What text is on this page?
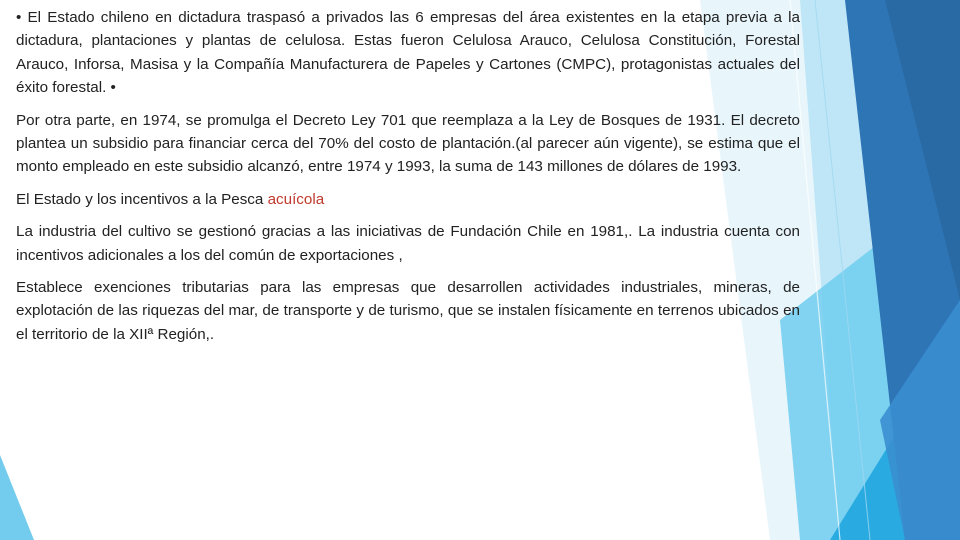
• El Estado chileno en dictadura traspasó a privados las 6 empresas del área existentes en la etapa previa a la dictadura, plantaciones y plantas de celulosa. Estas fueron Celulosa Arauco, Celulosa Constitución, Forestal Arauco, Inforsa, Masisa y la Compañía Manufacturera de Papeles y Cartones (CMPC), protagonistas actuales del éxito forestal. •

Por otra parte, en 1974, se promulga el Decreto Ley 701 que reemplaza a la Ley de Bosques de 1931. El decreto plantea un subsidio para financiar cerca del 70% del costo de plantación.(al parecer aún vigente), se estima que el monto empleado en este subsidio alcanzó, entre 1974 y 1993, la suma de 143 millones de dólares de 1993.

El Estado y los incentivos a la Pesca acuícola

La industria del cultivo se gestionó gracias a las iniciativas de Fundación Chile en 1981,. La industria cuenta con incentivos adicionales a los del común de exportaciones ,

Establece exenciones tributarias para las empresas que desarrollen actividades industriales, mineras, de explotación de las riquezas del mar, de transporte y de turismo, que se instalen físicamente en terrenos ubicados en el territorio de la XIIª Región,.
